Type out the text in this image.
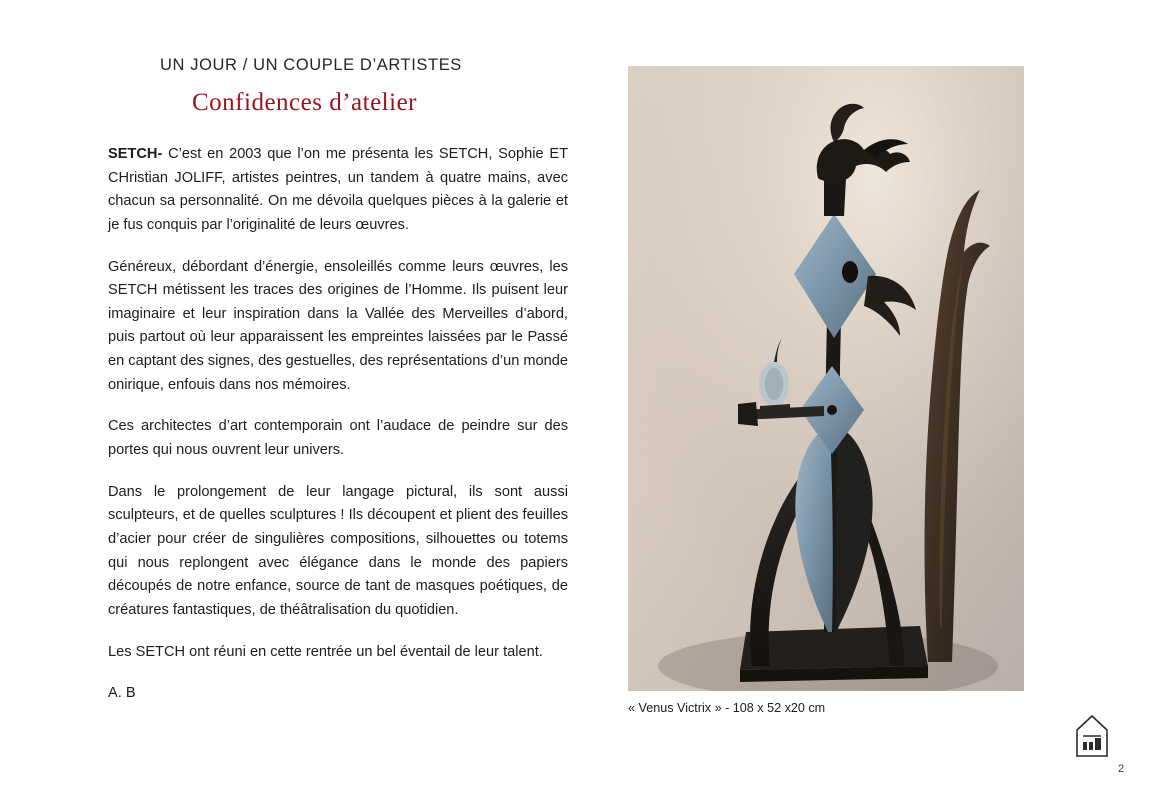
UN JOUR / UN COUPLE D’ARTISTES
Confidences d’atelier

SETCH- C’est en 2003 que l’on me présenta les SETCH, Sophie ET CHristian JOLIFF, artistes peintres, un tandem à quatre mains, avec chacun sa personnalité. On me dévoila quelques pièces à la galerie et je fus conquis par l’originalité de leurs œuvres.

Généreux, débordant d’énergie, ensoleillés comme leurs œuvres, les SETCH métissent les traces des origines de l’Homme. Ils puisent leur imaginaire et leur inspiration dans la Vallée des Merveilles d’abord, puis partout où leur apparaissent les empreintes laissées par le Passé en captant des signes, des gestuelles, des représentations d’un monde onirique, enfouis dans nos mémoires.

Ces architectes d’art contemporain ont l’audace de peindre sur des portes qui nous ouvrent leur univers.

Dans le prolongement de leur langage pictural, ils sont aussi sculpteurs, et de quelles sculptures ! Ils découpent et plient des feuilles d’acier pour créer de singulières compositions, silhouettes ou totems qui nous replongent avec élégance dans le monde des papiers découpés de notre enfance, source de tant de masques poétiques, de créatures fantastiques, de théâtralisation du quotidien.

Les SETCH ont réuni en cette rentrée un bel éventail de leur talent.

A. B

« Venus Victrix » - 108 x 52 x20 cm
2
